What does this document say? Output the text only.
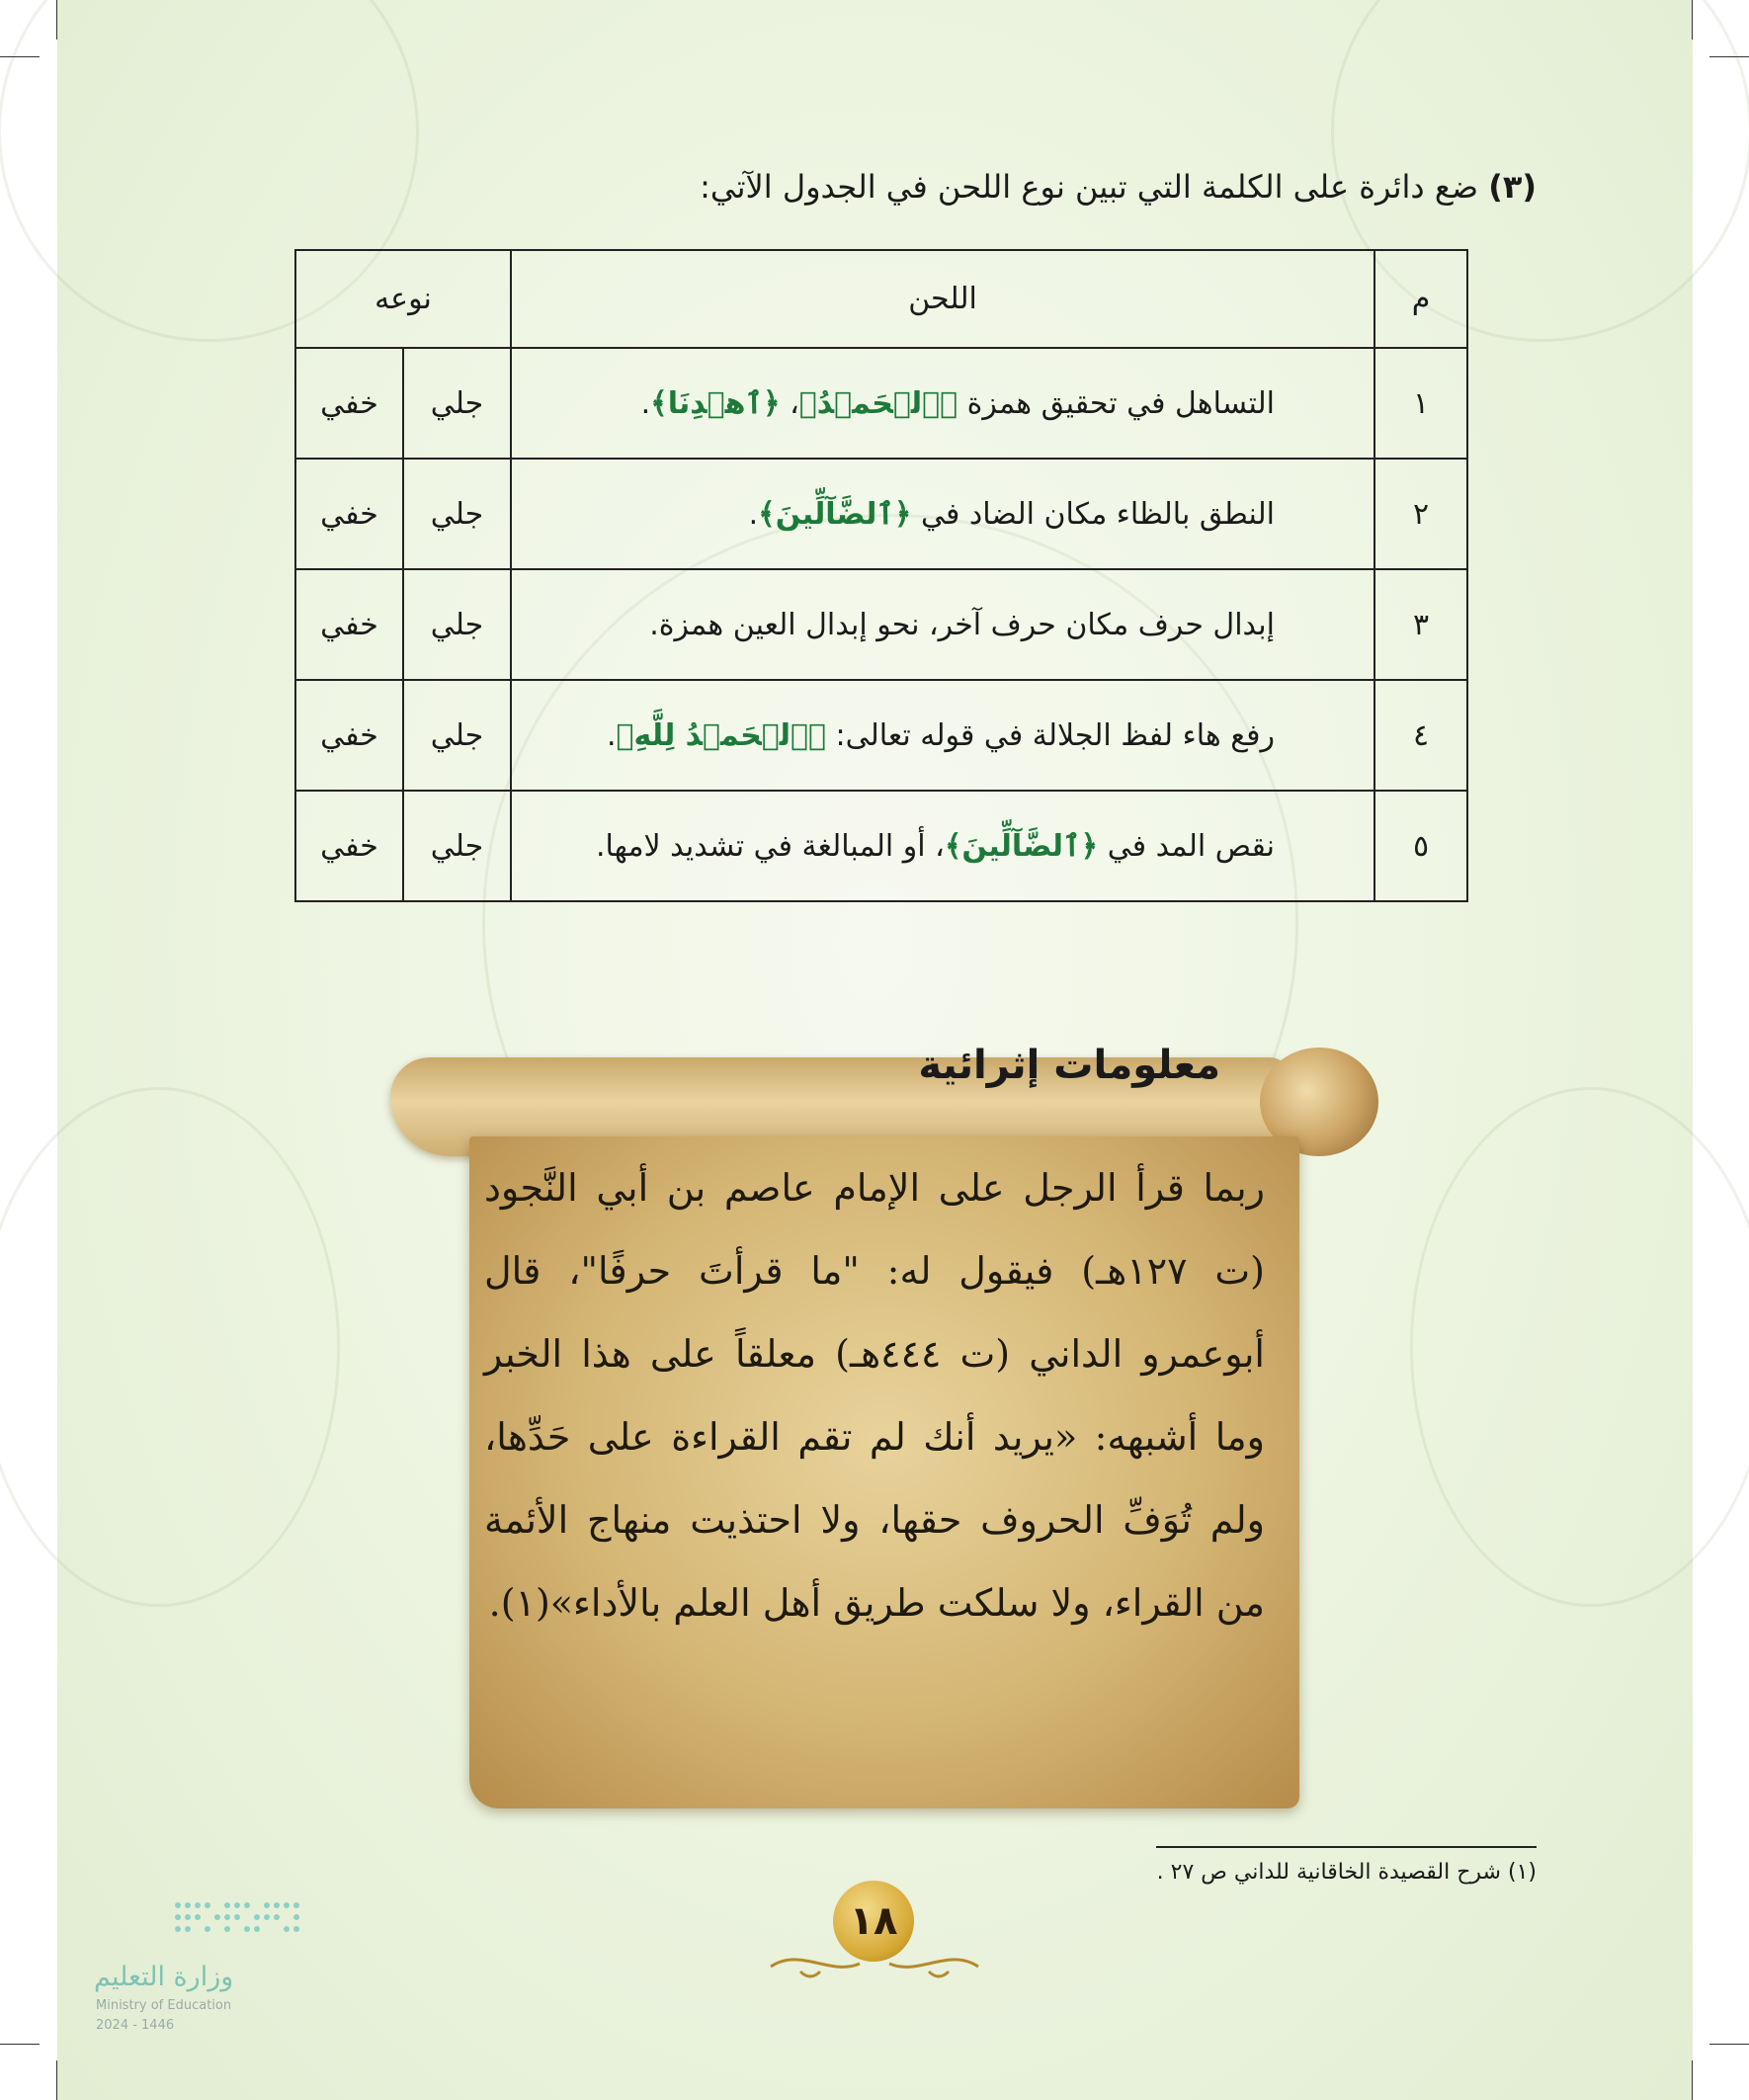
(٣) ضع دائرة على الكلمة التي تبين نوع اللحن في الجدول الآتي:
م	اللحن	نوعه	
١	التساهل في تحقيق همزة ﴿ٱلۡحَمۡدُ﴾، ﴿ٱهۡدِنَا﴾.	جلي	خفي
٢	النطق بالظاء مكان الضاد في ﴿ٱلضَّآلِّينَ﴾.	جلي	خفي
٣	إبدال حرف مكان حرف آخر، نحو إبدال العين همزة.	جلي	خفي
٤	رفع هاء لفظ الجلالة في قوله تعالى: ﴿ٱلۡحَمۡدُ لِلَّهِ﴾.	جلي	خفي
٥	نقص المد في ﴿ٱلضَّآلِّينَ﴾، أو المبالغة في تشديد لامها.	جلي	خفي
معلومات إثرائية
ربما قرأ الرجل على الإمام عاصم بن أبي النَّجود (ت ١٢٧هـ) فيقول له: "ما قرأتَ حرفًا"، قال أبوعمرو الداني (ت ٤٤٤هـ) معلقاً على هذا الخبر وما أشبهه: «يريد أنك لم تقم القراءة على حَدِّها، ولم تُوَفِّ الحروف حقها، ولا احتذيت منهاج الأئمة من القراء، ولا سلكت طريق أهل العلم بالأداء»(١).
(١) شرح القصيدة الخاقانية للداني ص ٢٧ .
١٨
وزارة التعليم
Ministry of Education
2024 - 1446
